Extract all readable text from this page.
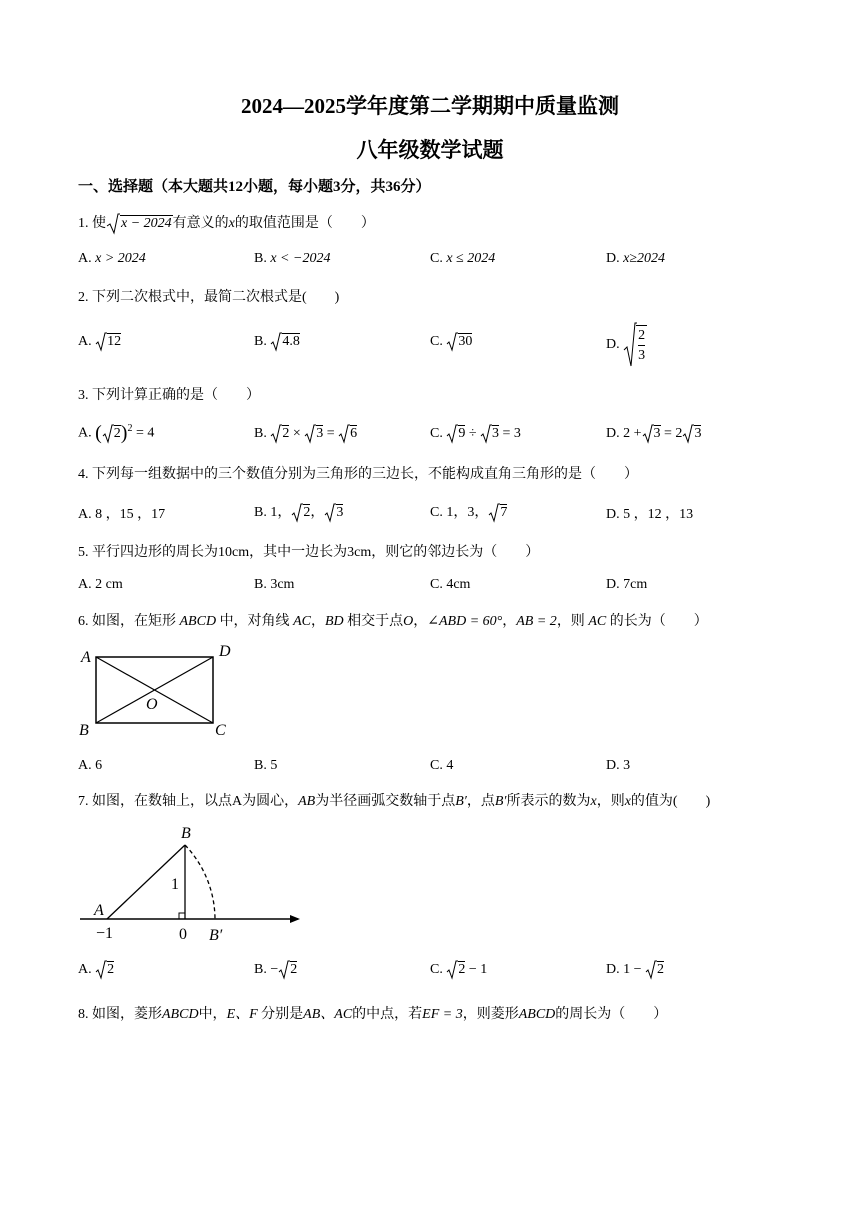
2024—2025学年度第二学期期中质量监测
八年级数学试题
一、选择题（本大题共12小题，每小题3分，共36分）
1. 使 x − 2024有意义的x的取值范围是（　　）
A. x > 2024	B. x < −2024	C. x ≤ 2024	D. x≥2024
2. 下列二次根式中，最简二次根式是(　　)
A. 12	B. 4.8	C. 30	D. $\frac{2}{3}$
3. 下列计算正确的是（　　）
A. ( 2)$^2$ = 4	B. 2 × 3 = 6	C. 9 ÷ 3 = 3	D. 2 + 3 = 2 3
4. 下列每一组数据中的三个数值分别为三角形的三边长，不能构成直角三角形的是（　　）
A. 8 ，15 ，17	B. 1， 2， 3	C. 1，3， 7	D. 5 ，12 ，13
5. 平行四边形的周长为10cm，其中一边长为3cm，则它的邻边长为（　　）
A. 2 cm	B. 3cm	C. 4cm	D. 7cm
6. 如图，在矩形 ABCD 中，对角线 AC，BD 相交于点O，∠ABD = 60°，AB = 2，则 AC 的长为（　　）
A	D
B	C
O
A. 6	B. 5	C. 4	D. 3
7. 如图，在数轴上，以点A为圆心，AB为半径画弧交数轴于点B′，点B′所表示的数为x，则x的值为(　　)
A
B
1
−1	0 B′
A. 2	B. − 2	C. 2 − 1	D. 1 − 2
8. 如图，菱形ABCD中，E、F 分别是AB、AC的中点，若EF = 3，则菱形ABCD的周长为（　　）
